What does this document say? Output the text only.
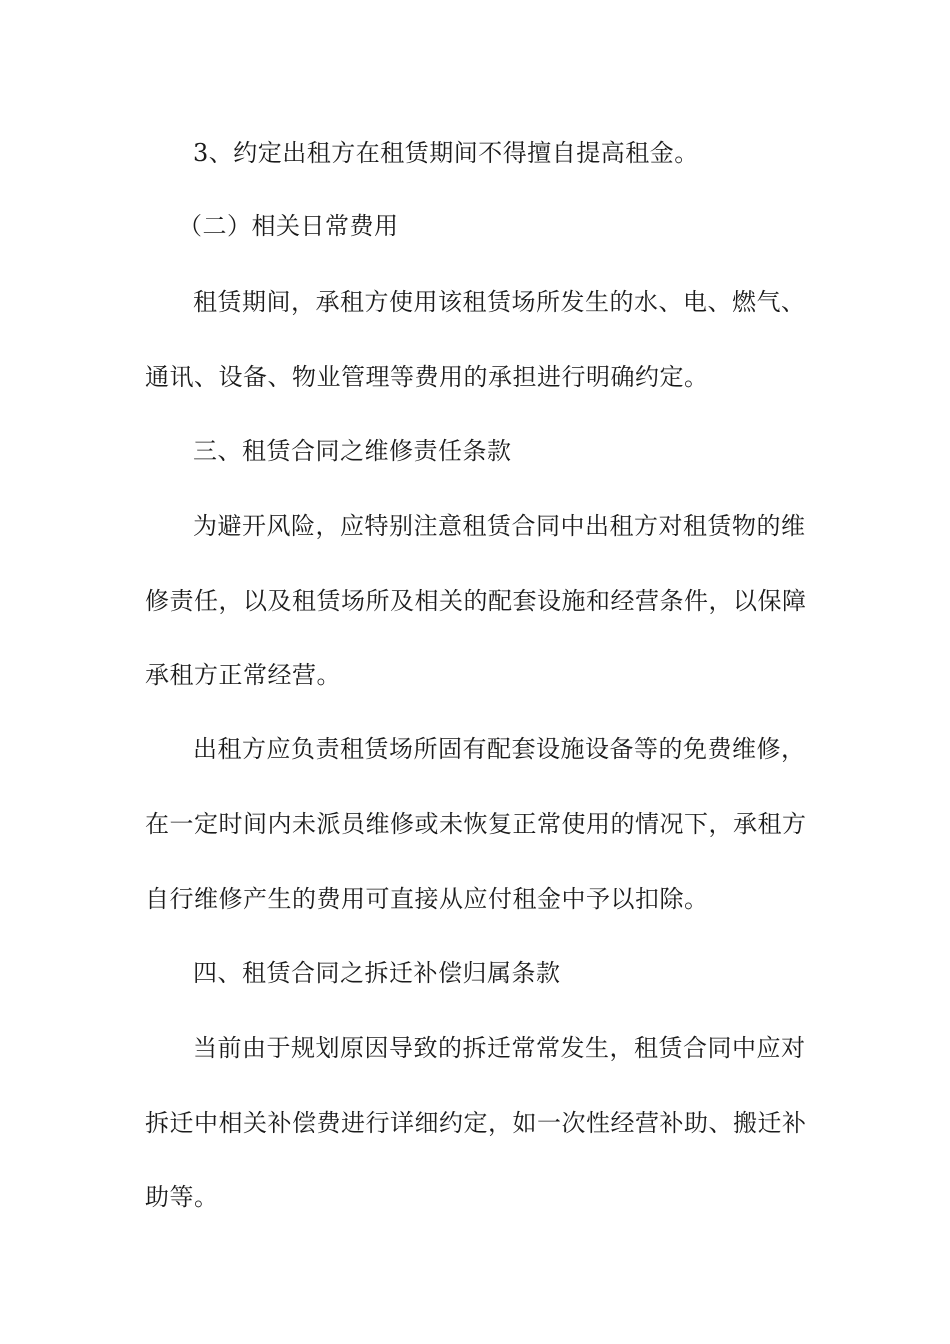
3、约定出租方在租赁期间不得擅自提高租金。
（二）相关日常费用
租赁期间，承租方使用该租赁场所发生的水、电、燃气、
通讯、设备、物业管理等费用的承担进行明确约定。
三、租赁合同之维修责任条款
为避开风险，应特别注意租赁合同中出租方对租赁物的维
修责任，以及租赁场所及相关的配套设施和经营条件，以保障
承租方正常经营。
出租方应负责租赁场所固有配套设施设备等的免费维修，
在一定时间内未派员维修或未恢复正常使用的情况下，承租方
自行维修产生的费用可直接从应付租金中予以扣除。
四、租赁合同之拆迁补偿归属条款
当前由于规划原因导致的拆迁常常发生，租赁合同中应对
拆迁中相关补偿费进行详细约定，如一次性经营补助、搬迁补
助等。
